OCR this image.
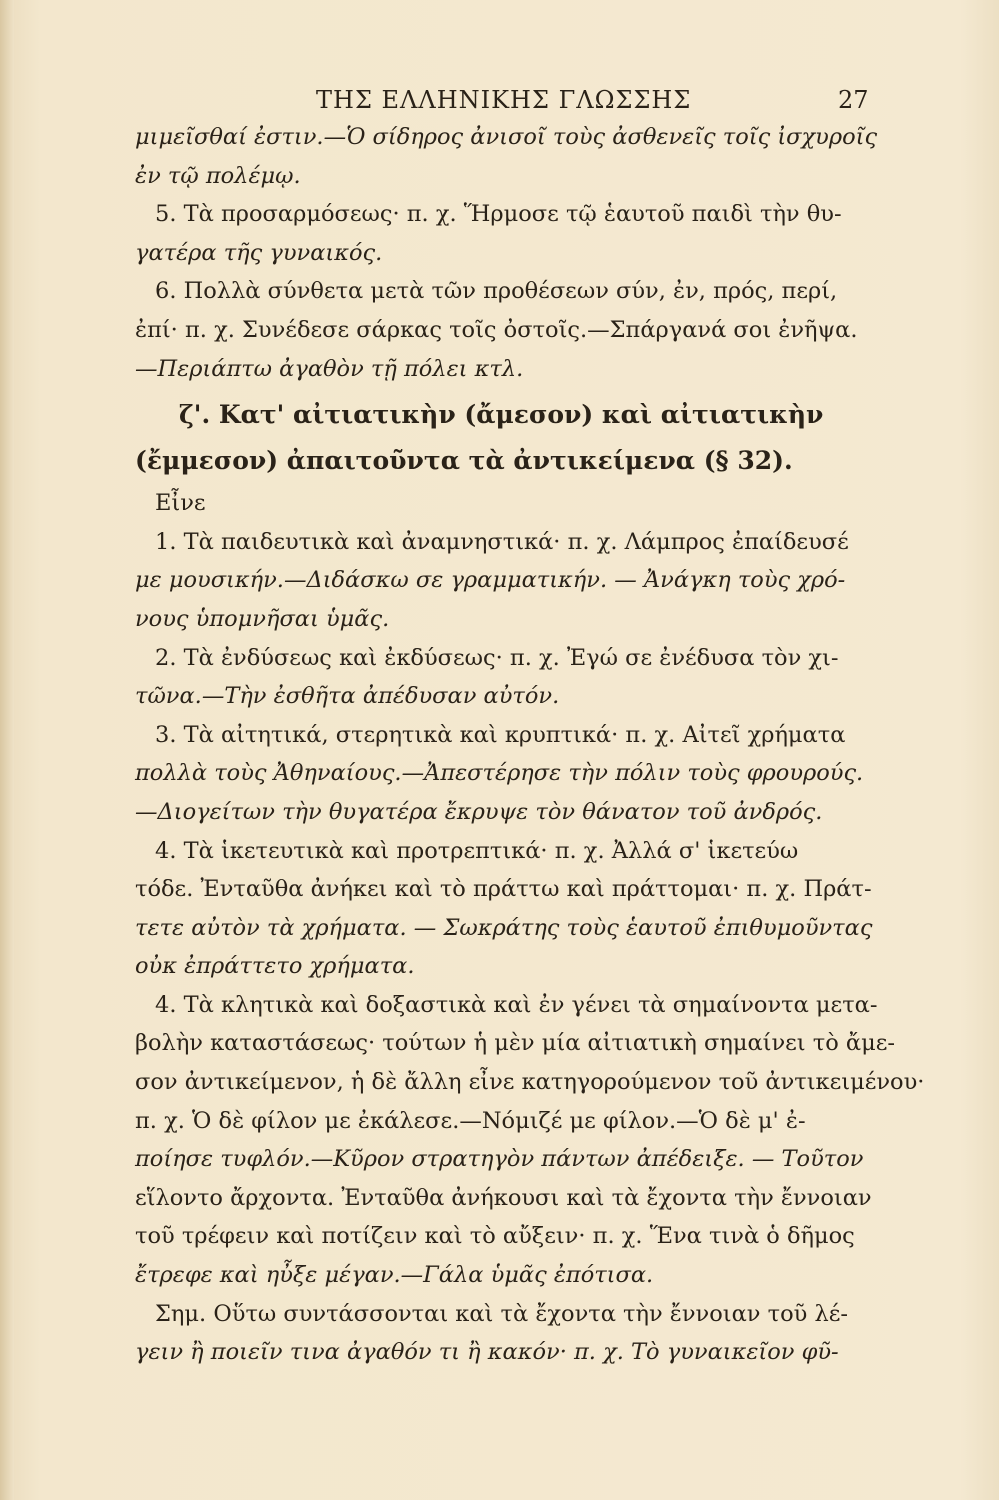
ΤΗΣ ΕΛΛΗΝΙΚΗΣ ΓΛΩΣΣΗΣ	27
μιμεῖσθαί ἐστιν.—Ὁ σίδηρος ἀνισοῖ τοὺς ἀσθενεῖς τοῖς ἰσχυροῖς
ἐν τῷ πολέμῳ.
5. Τὰ προσαρμόσεως· π. χ. Ἥρμοσε τῷ ἑαυτοῦ παιδὶ τὴν θυ-
γατέρα τῆς γυναικός.
6. Πολλὰ σύνθετα μετὰ τῶν προθέσεων σύν, ἐν, πρός, περί,
ἐπί· π. χ. Συνέδεσε σάρκας τοῖς ὀστοῖς.—Σπάργανά σοι ἐνῆψα.
—Περιάπτω ἀγαθὸν τῇ πόλει κτλ.
ζ'. Κατ' αἰτιατικὴν (ἄμεσον) καὶ αἰτιατικὴν
(ἔμμεσον) ἀπαιτοῦντα τὰ ἀντικείμενα (§ 32).
Εἶνε
1. Τὰ παιδευτικὰ καὶ ἀναμνηστικά· π. χ. Λάμπρος ἐπαίδευσέ
με μουσικήν.—Διδάσκω σε γραμματικήν. — Ἀνάγκη τοὺς χρό-
νους ὑπομνῆσαι ὑμᾶς.
2. Τὰ ἐνδύσεως καὶ ἐκδύσεως· π. χ. Ἐγώ σε ἐνέδυσα τὸν χι-
τῶνα.—Τὴν ἐσθῆτα ἀπέδυσαν αὐτόν.
3. Τὰ αἰτητικά, στερητικὰ καὶ κρυπτικά· π. χ. Αἰτεῖ χρήματα
πολλὰ τοὺς Ἀθηναίους.—Ἀπεστέρησε τὴν πόλιν τοὺς φρουρούς.
—Διογείτων τὴν θυγατέρα ἔκρυψε τὸν θάνατον τοῦ ἀνδρός.
4. Τὰ ἱκετευτικὰ καὶ προτρεπτικά· π. χ. Ἀλλά σ' ἱκετεύω
τόδε. Ἐνταῦθα ἀνήκει καὶ τὸ πράττω καὶ πράττομαι· π. χ. Πράτ-
τετε αὐτὸν τὰ χρήματα. — Σωκράτης τοὺς ἑαυτοῦ ἐπιθυμοῦντας
οὐκ ἐπράττετο χρήματα.
4. Τὰ κλητικὰ καὶ δοξαστικὰ καὶ ἐν γένει τὰ σημαίνοντα μετα-
βολὴν καταστάσεως· τούτων ἡ μὲν μία αἰτιατικὴ σημαίνει τὸ ἄμε-
σον ἀντικείμενον, ἡ δὲ ἄλλη εἶνε κατηγορούμενον τοῦ ἀντικειμένου·
π. χ. Ὁ δὲ φίλον με ἐκάλεσε.—Νόμιζέ με φίλον.—Ὁ δὲ μ' ἐ-
ποίησε τυφλόν.—Κῦρον στρατηγὸν πάντων ἀπέδειξε. — Τοῦτον
εἵλοντο ἄρχοντα. Ἐνταῦθα ἀνήκουσι καὶ τὰ ἔχοντα τὴν ἔννοιαν
τοῦ τρέφειν καὶ ποτίζειν καὶ τὸ αὔξειν· π. χ. Ἕνα τινὰ ὁ δῆμος
ἔτρεφε καὶ ηὖξε μέγαν.—Γάλα ὑμᾶς ἐπότισα.
Σημ. Οὕτω συντάσσονται καὶ τὰ ἔχοντα τὴν ἔννοιαν τοῦ λέ-
γειν ἢ ποιεῖν τινα ἀγαθόν τι ἢ κακόν· π. χ. Τὸ γυναικεῖον φῦ-
